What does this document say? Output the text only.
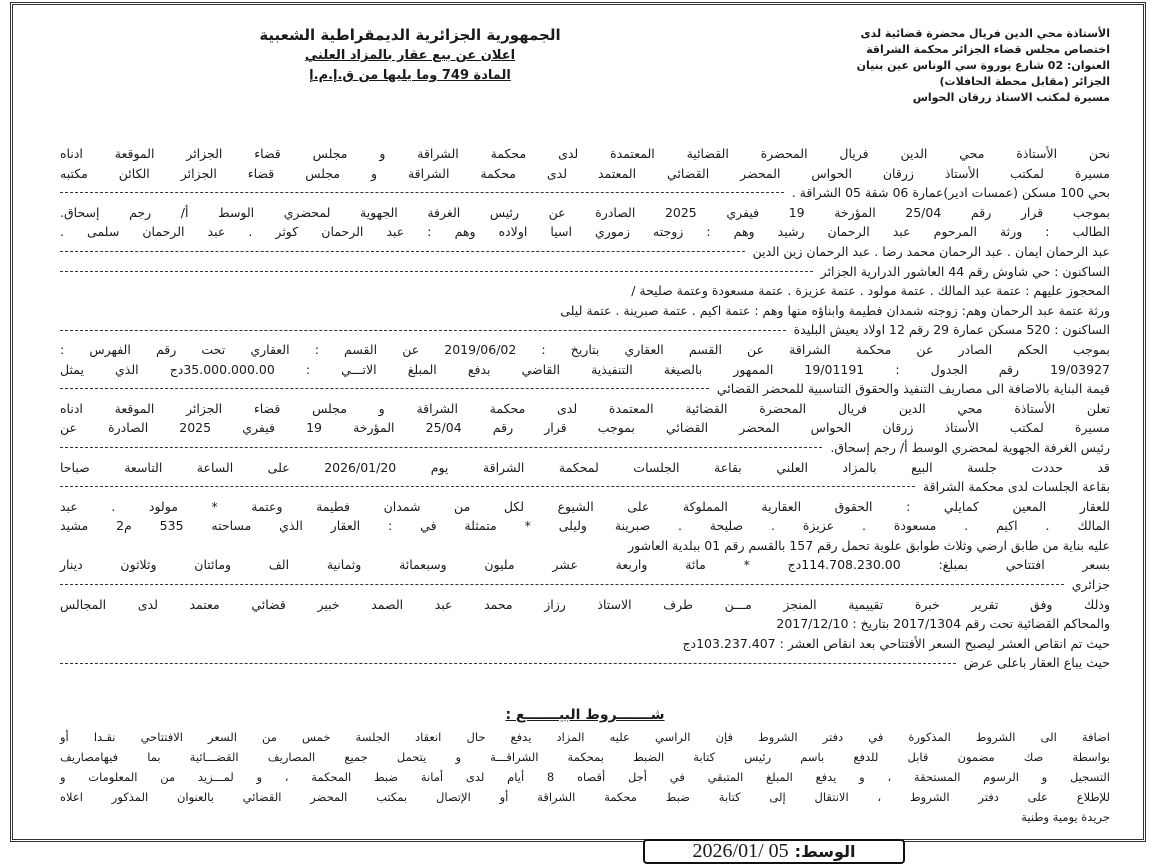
الجمهورية الجزائرية الديمقراطية الشعبية
اعلان عن بيع عقار بالمزاد العلني
المادة 749 وما يليها من ق.إ.م.إ
الأستاذة محي الدين فريال محضرة قضائية لدى
اختصاص مجلس قضاء الجزائر محكمة الشراقة
العنوان: 02 شارع بوروة سي الوناس عين بنيان
الجزائر (مقابل محطة الحافلات)
مسيرة لمكتب الاستاذ زرقان الحواس
نحن الأستاذة محي الدين فريال المحضرة القضائية المعتمدة لدى محكمة الشراقة و مجلس قضاء الجزائر الموقعة ادناه
مسيرة لمكتب الأستاذ زرقان الحواس المحضر القضائي المعتمد لدى محكمة الشراقة و مجلس قضاء الجزائر الكائن مكتبه
بحي 100 مسكن (عمسات ادير)عمارة 06 شقة 05 الشراقة .
بموجب قرار رقم 25/04 المؤرخة 19 فيفري 2025 الصادرة عن رئيس الغرفة الجهوية لمحضري الوسط أ/ رجم إسحاق.
الطالب : ورثة المرحوم عبد الرحمان رشيد وهم : زوجته زموري اسيا اولاده وهم : عبد الرحمان كوثر . عبد الرحمان سلمى .
عبد الرحمان ايمان . عبد الرحمان محمد رضا . عبد الرحمان زين الدين
الساكنون : حي شاوش رقم 44 العاشور الدرارية الجزائر
المحجوز عليهم : عتمة عبد المالك . عتمة مولود . عتمة عزيزة . عتمة مسعودة وعتمة صليحة /
ورثة عتمة عبد الرحمان وهم: زوجته شمدان فطيمة وابناؤه منها وهم : عتمة اكيم . عتمة صبرينة . عتمة ليلى
الساكنون : 520 مسكن عمارة 29 رقم 12 اولاد يعيش البليدة
بموجب الحكم الصادر عن محكمة الشراقة عن القسم العقاري بتاريخ : 2019/06/02 عن القسم : العقاري تحت رقم الفهرس :
19/03927 رقم الجدول : 19/01191 الممهور بالصيغة التنفيذية القاضي بدفع المبلغ الاتـــي : 35.000.000.00دج الذي يمثل
قيمة البناية بالاضافة الى مصاريف التنفيذ والحقوق التناسبية للمحضر القضائي
تعلن الأستاذة محي الدين فريال المحضرة القضائية المعتمدة لدى محكمة الشراقة و مجلس قضاء الجزائر الموقعة ادناه
مسيرة لمكتب الأستاذ زرقان الحواس المحضر القضائي بموجب قرار رقم 25/04 المؤرخة 19 فيفري 2025 الصادرة عن
رئيس الغرفة الجهوية لمحضري الوسط أ/ رجم إسحاق.
قد حددت جلسة البيع بالمزاد العلني بقاعة الجلسات لمحكمة الشراقة يوم 2026/01/20 على الساعة التاسعة صباحا
بقاعة الجلسات لدى محكمة الشراقة
للعقار المعين كمايلي : الحقوق العقارية المملوكة على الشيوع لكل من شمدان فطيمة وعتمة * مولود . عبد
المالك . اكيم . مسعودة . عزيزة . صليحة . صبرينة وليلى * متمثلة في : العقار الذي مساحته 535 م2 مشيد
عليه بناية من طابق ارضي وثلاث طوابق علوية تحمل رقم 157 بالقسم رقم 01 ببلدية العاشور
بسعر افتتاحي بمبلغ: 114.708.230.00دج * مائة واربعة عشر مليون وسبعمائة وثمانية الف ومائتان وثلاثون دينار
جزائري
وذلك وفق تقرير خبرة تقييمية المنجز مـــن طرف الاستاذ رزاز محمد عبد الصمد خبير قضائي معتمد لدى المجالس
والمحاكم القضائية تحت رقم 2017/1304 بتاريخ : 2017/12/10
حيث تم انقاص العشر ليصبح السعر الأفتتاحي بعد انقاص العشر : 103.237.407دج
حيث يباع العقار باعلى عرض
شـــــــروط البيـــــــع :
اضافة الى الشروط المذكورة في دفتر الشروط فإن الراسي عليه المزاد يدفع حال انعقاد الجلسة خمس من السعر الافتتاحي نقـدا أو
بواسطة صك مضمون قابل للدفع باسم رئيس كتابة الضبط بمحكمة الشراقـــة و يتحمل جميع المصاريف القضـــائية بما فيهامصاريف
التسجيل و الرسوم المستحقة ، و يدفع المبلغ المتبقي في أجل أقصاه 8 أيام لدى أمانة ضبط المحكمة ، و لمـــزيد من المعلومات و
للإطلاع على دفتر الشروط ، الانتقال إلى كتابة ضبط محكمة الشراقة أو الإتصال بمكتب المحضر القضائي بالعنوان المذكور اعلاه
جريدة يومية وطنية
الوسط:
2026/01/ 05
